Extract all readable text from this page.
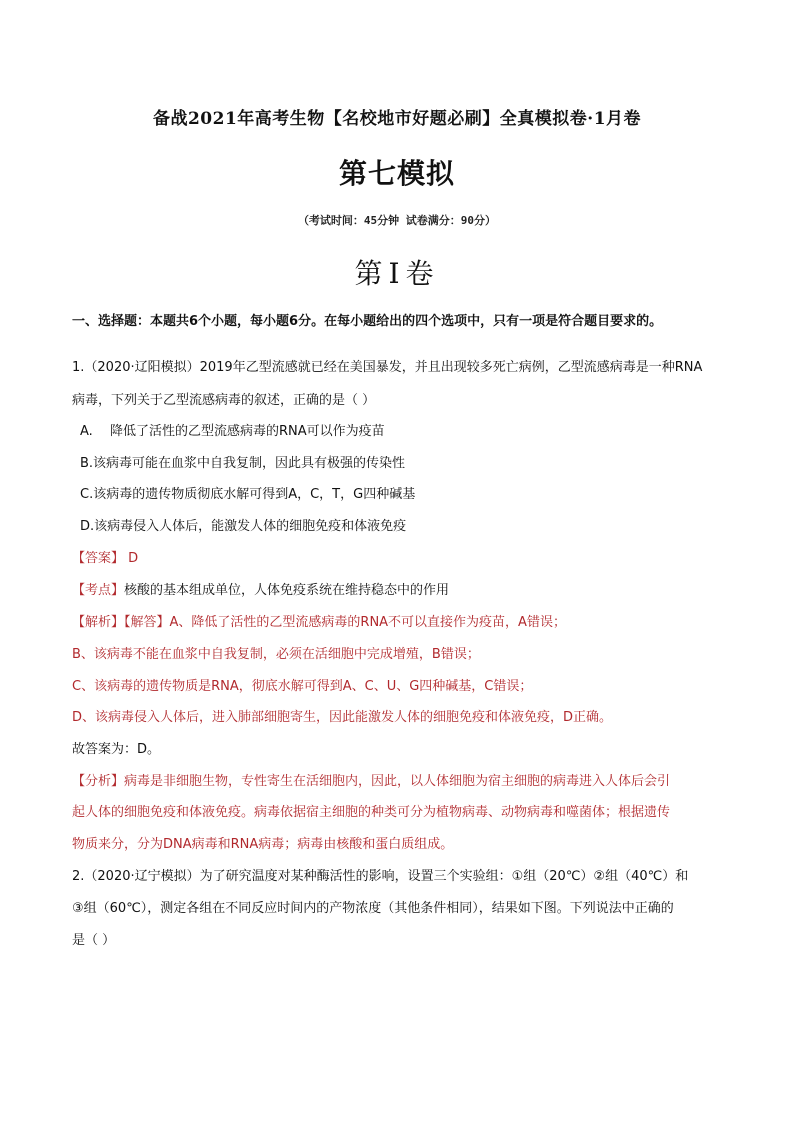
备战2021年高考生物【名校地市好题必刷】全真模拟卷·1月卷
第七模拟
（考试时间：45分钟 试卷满分：90分）
第Ⅰ卷
一、选择题：本题共6个小题，每小题6分。在每小题给出的四个选项中，只有一项是符合题目要求的。
1.（2020·辽阳模拟）2019年乙型流感就已经在美国暴发，并且出现较多死亡病例，乙型流感病毒是一种RNA
病毒，下列关于乙型流感病毒的叙述，正确的是（ ）
A. 降低了活性的乙型流感病毒的RNA可以作为疫苗
B.该病毒可能在血浆中自我复制，因此具有极强的传染性
C.该病毒的遗传物质彻底水解可得到A，C，T，G四种碱基
D.该病毒侵入人体后，能激发人体的细胞免疫和体液免疫
【答案】 D
【考点】核酸的基本组成单位，人体免疫系统在维持稳态中的作用
【解析】【解答】A、降低了活性的乙型流感病毒的RNA不可以直接作为疫苗，A错误；
B、该病毒不能在血浆中自我复制，必须在活细胞中完成增殖，B错误；
C、该病毒的遗传物质是RNA，彻底水解可得到A、C、U、G四种碱基，C错误；
D、该病毒侵入人体后，进入肺部细胞寄生，因此能激发人体的细胞免疫和体液免疫，D正确。
故答案为：D。
【分析】病毒是非细胞生物，专性寄生在活细胞内，因此，以人体细胞为宿主细胞的病毒进入人体后会引
起人体的细胞免疫和体液免疫。病毒依据宿主细胞的种类可分为植物病毒、动物病毒和噬菌体；根据遗传
物质来分，分为DNA病毒和RNA病毒；病毒由核酸和蛋白质组成。
2.（2020·辽宁模拟）为了研究温度对某种酶活性的影响，设置三个实验组：①组（20℃）②组（40℃）和
③组（60℃），测定各组在不同反应时间内的产物浓度（其他条件相同），结果如下图。下列说法中正确的
是（ ）
